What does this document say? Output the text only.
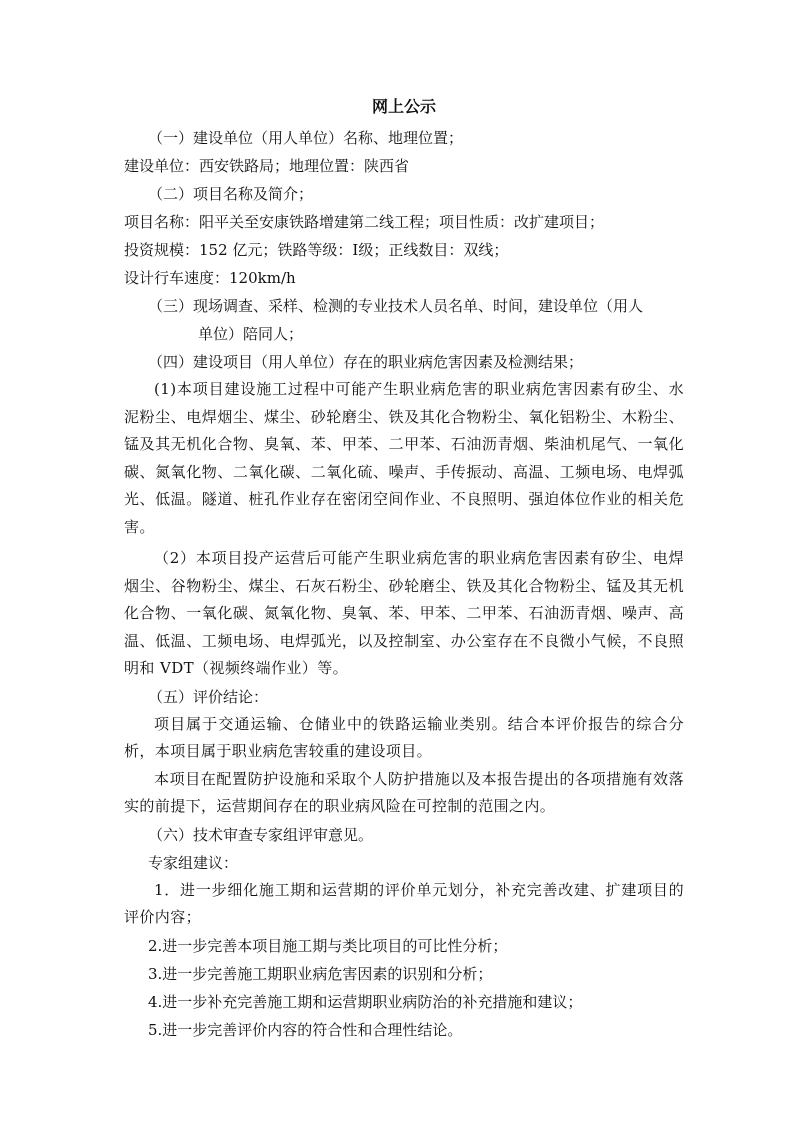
网上公示

（一）建设单位（用人单位）名称、地理位置；

建设单位：西安铁路局；地理位置：陕西省

（二）项目名称及简介；

项目名称：阳平关至安康铁路增建第二线工程；项目性质：改扩建项目；

投资规模：152 亿元；铁路等级：Ⅰ级；正线数目：双线；

设计行车速度：120km/h

（三）现场调查、采样、检测的专业技术人员名单、时间，建设单位（用人

单位）陪同人；

（四）建设项目（用人单位）存在的职业病危害因素及检测结果；

(1)本项目建设施工过程中可能产生职业病危害的职业病危害因素有矽尘、水泥粉尘、电焊烟尘、煤尘、砂轮磨尘、铁及其化合物粉尘、氧化铝粉尘、木粉尘、锰及其无机化合物、臭氧、苯、甲苯、二甲苯、石油沥青烟、柴油机尾气、一氧化碳、氮氧化物、二氧化碳、二氧化硫、噪声、手传振动、高温、工频电场、电焊弧光、低温。隧道、桩孔作业存在密闭空间作业、不良照明、强迫体位作业的相关危害。

（2）本项目投产运营后可能产生职业病危害的职业病危害因素有矽尘、电焊烟尘、谷物粉尘、煤尘、石灰石粉尘、砂轮磨尘、铁及其化合物粉尘、锰及其无机化合物、一氧化碳、氮氧化物、臭氧、苯、甲苯、二甲苯、石油沥青烟、噪声、高温、低温、工频电场、电焊弧光，以及控制室、办公室存在不良微小气候，不良照明和 VDT（视频终端作业）等。

（五）评价结论：

项目属于交通运输、仓储业中的铁路运输业类别。结合本评价报告的综合分析，本项目属于职业病危害较重的建设项目。

本项目在配置防护设施和采取个人防护措施以及本报告提出的各项措施有效落实的前提下，运营期间存在的职业病风险在可控制的范围之内。

（六）技术审查专家组评审意见。

专家组建议：

1．进一步细化施工期和运营期的评价单元划分，补充完善改建、扩建项目的评价内容；

2.进一步完善本项目施工期与类比项目的可比性分析；

3.进一步完善施工期职业病危害因素的识别和分析；

4.进一步补充完善施工期和运营期职业病防治的补充措施和建议；

5.进一步完善评价内容的符合性和合理性结论。
